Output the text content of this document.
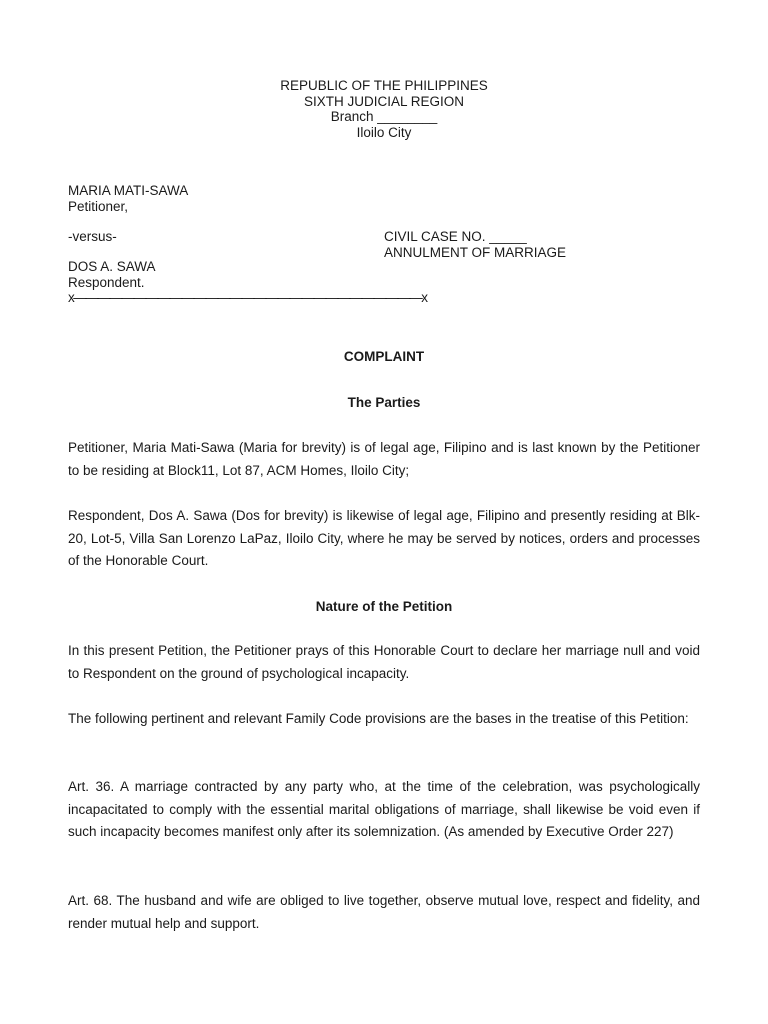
REPUBLIC OF THE PHILIPPINES
SIXTH JUDICIAL REGION
Branch ________
Iloilo City
MARIA MATI-SAWA
Petitioner,
-versus-	CIVIL CASE NO. _____
ANNULMENT OF MARRIAGE
DOS A. SAWA
Respondent.
x—————————————————————————————x
COMPLAINT
The Parties
Petitioner, Maria Mati-Sawa (Maria for brevity) is of legal age, Filipino and is last known by the Petitioner to be residing at Block11, Lot 87, ACM Homes, Iloilo City;
Respondent, Dos A. Sawa (Dos for brevity) is likewise of legal age, Filipino and presently residing at Blk-20, Lot-5, Villa San Lorenzo LaPaz, Iloilo City, where he may be served by notices, orders and processes of the Honorable Court.
Nature of the Petition
In this present Petition, the Petitioner prays of this Honorable Court to declare her marriage null and void to Respondent on the ground of psychological incapacity.
The following pertinent and relevant Family Code provisions are the bases in the treatise of this Petition:
Art. 36. A marriage contracted by any party who, at the time of the celebration, was psychologically incapacitated to comply with the essential marital obligations of marriage, shall likewise be void even if such incapacity becomes manifest only after its solemnization. (As amended by Executive Order 227)
Art. 68. The husband and wife are obliged to live together, observe mutual love, respect and fidelity, and render mutual help and support.
